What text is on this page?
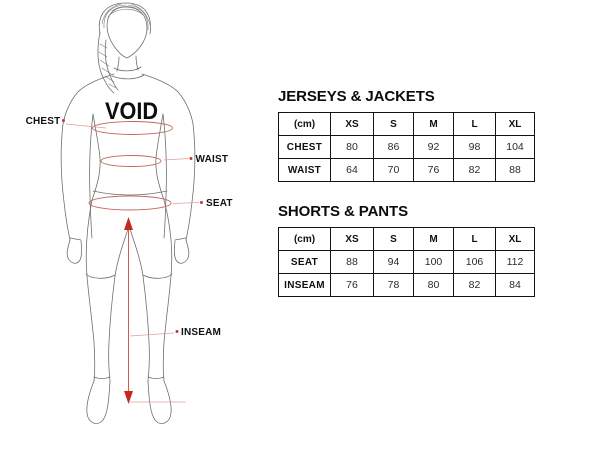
CHEST
WAIST
SEAT
INSEAM
VOID
JERSEYS & JACKETS
(cm)	XS	S	M	L	XL
CHEST	80	86	92	98	104
WAIST	64	70	76	82	88
SHORTS & PANTS
(cm)	XS	S	M	L	XL
SEAT	88	94	100	106	112
INSEAM	76	78	80	82	84
